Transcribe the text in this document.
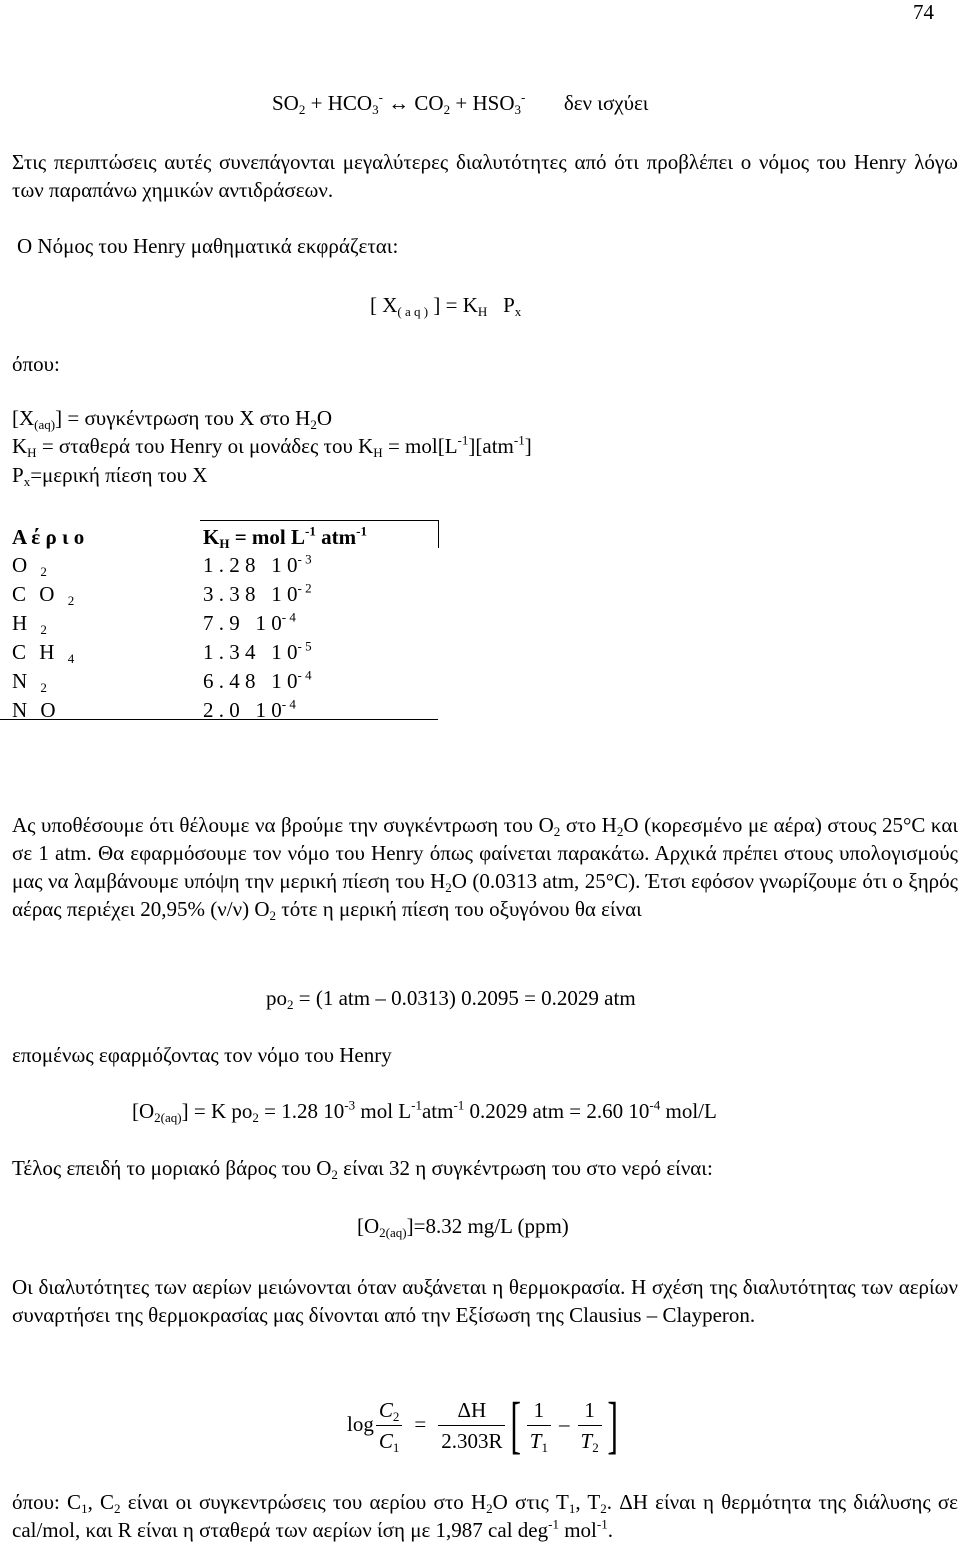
74
$SO_2 + HCO_3^-$ ↔ $CO_2 + HSO_3^-$ δεν ισχύει
Στις περιπτώσεις αυτές συνεπάγονται μεγαλύτερες διαλυτότητες από ότι προβλέπει ο νόμος του Henry λόγω των παραπάνω χημικών αντιδράσεων.
Ο Νόμος του Henry μαθηματικά εκφράζεται:
[ $X_{( a q )}$ ] = $K_H$ $P_x$
όπου:
$[X_{(aq)}] = \sigma\upsilon\gamma\kappa έ\nu\tau\rho\omega\sigma\eta$ του X στο $H_2O$
$K_H = \sigma\tau\alpha\theta\varepsilon\rho ά$ του Henry οι μονάδες του $K_H = mol[L^{-1}][atm^{-1}]$
$P_x=\mu\varepsilon\rho\iota\kappa ή$ πίεση του X
Α έ ρ ι ο	$K_H$ = mol $L^{-1}$ atm$^{-1}$
O $_2$	1 . 2 8   1 $0^{- 3}$
C O $_2$	3 . 3 8   1 $0^{- 2}$
H $_2$	7 . 9   1 $0^{- 4}$
C H $_4$	1 . 3 4   1 $0^{- 5}$
N $_2$	6 . 4 8   1 $0^{- 4}$
N O	2 . 0   1 $0^{- 4}$
Ας υποθέσουμε ότι θέλουμε να βρούμε την συγκέντρωση του $O_2$ στο $H_2O$ (κορεσμένο με αέρα) στους 25°C και σε 1 atm. Θα εφαρμόσουμε τον νόμο του Henry όπως φαίνεται παρακάτω. Αρχικά πρέπει στους υπολογισμούς μας να λαμβάνουμε υπόψη την μερική πίεση του $H_2O$ (0.0313 atm, 25°C). Έτσι εφόσον γνωρίζουμε ότι ο ξηρός αέρας περιέχει 20,95% (ν/ν) $O_2$ τότε η μερική πίεση του οξυγόνου θα είναι
$po_2 = (1$ atm – 0.0313) 0.2095 = 0.2029 atm
επομένως εφαρμόζοντας τον νόμο του Henry
$[O_{2(aq)}] = K$ $po_2 = 1.28$ $10^{-3}$ mol $L^{-1}atm^{-1}$ 0.2029 atm = 2.60 $10^{-4}$ mol/L
Τέλος επειδή το μοριακό βάρος του $O_2$ είναι 32 η συγκέντρωση του στο νερό είναι:
$[O_{2(aq)}]=8.32$ mg/L (ppm)
Οι διαλυτότητες των αερίων μειώνονται όταν αυξάνεται η θερμοκρασία. Η σχέση της διαλυτότητας των αερίων συναρτήσει της θερμοκρασίας μας δίνονται από την Εξίσωση της Clausius – Clayperon.
$\log \frac{C_2}{C_1} = \frac{\Delta H}{2.303R}$ [ $\frac{1}{T_1} - \frac{1}{T_2}$ ]
όπου: $C_1$, $C_2$ είναι οι συγκεντρώσεις του αερίου στο $H_2O$ στις $T_1$, $T_2$. ΔH είναι η θερμότητα της διάλυσης σε cal/mol, και R είναι η σταθερά των αερίων ίση με 1,987 cal deg$^{-1}$ mol$^{-1}$.
